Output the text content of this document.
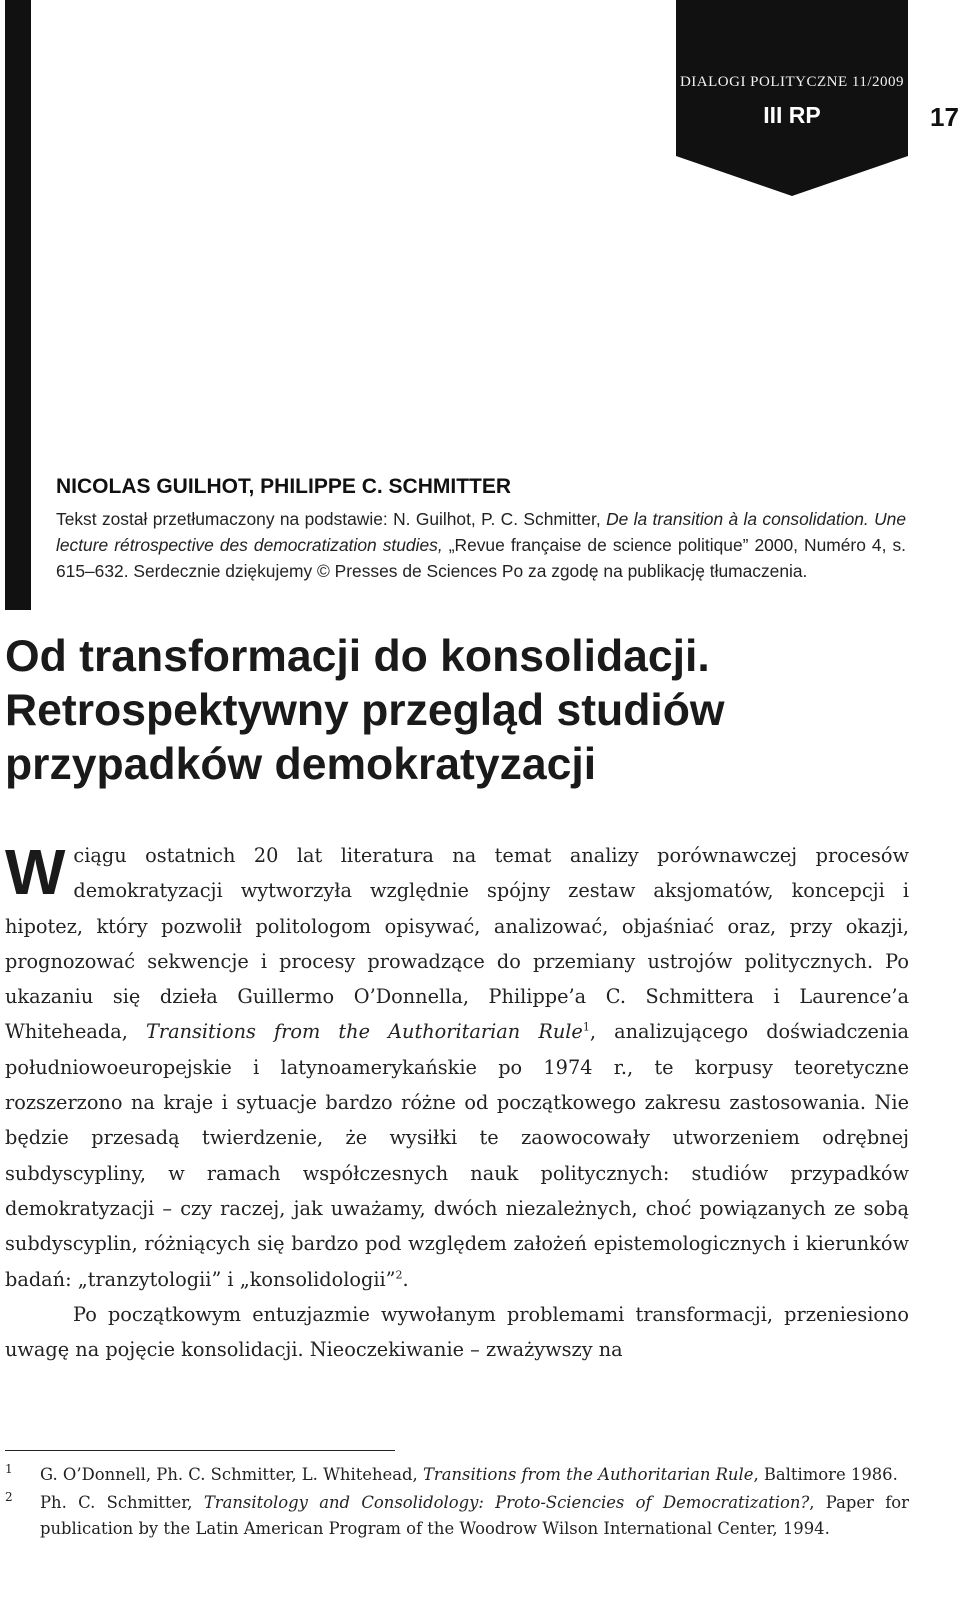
DIALOGI POLITYCZNE 11/2009
III RP	17
NICOLAS GUILHOT, PHILIPPE C. SCHMITTER
Tekst został przetłumaczony na podstawie: N. Guilhot, P. C. Schmitter, De la transition à la consolidation. Une lecture rétrospective des democratization studies, „Revue française de science politique” 2000, Numéro 4, s. 615–632. Serdecznie dziękujemy © Presses de Sciences Po za zgodę na publikację tłumaczenia.
Od transformacji do konsolidacji.
Retrospektywny przegląd studiów
przypadków demokratyzacji

Wciągu ostatnich 20 lat literatura na temat analizy porównawczej procesów demokratyzacji wytworzyła względnie spójny zestaw aksjomatów, koncepcji i hipotez, który pozwolił politologom opisywać, analizować, objaśniać oraz, przy okazji, prognozować sekwencje i procesy prowadzące do przemiany ustrojów politycznych. Po ukazaniu się dzieła Guillermo O’Donnella, Philippe’a C. Schmittera i Laurence’a Whiteheada, Transitions from the Authoritarian Rule$^1$, analizującego doświadczenia południowoeuropejskie i latynoamerykańskie po 1974 r., te korpusy teoretyczne rozszerzono na kraje i sytuacje bardzo różne od początkowego zakresu zastosowania. Nie będzie przesadą twierdzenie, że wysiłki te zaowocowały utworzeniem odrębnej subdyscypliny, w ramach współczesnych nauk politycznych: studiów przypadków demokratyzacji – czy raczej, jak uważamy, dwóch niezależnych, choć powiązanych ze sobą subdyscyplin, różniących się bardzo pod względem założeń epistemologicznych i kierunków badań: „tranzytologii” i „konsolidologii”$^2$.

Po początkowym entuzjazmie wywołanym problemami transformacji, przeniesiono uwagę na pojęcie konsolidacji. Nieoczekiwanie – zważywszy na

1 G. O’Donnell, Ph. C. Schmitter, L. Whitehead, Transitions from the Authoritarian Rule, Baltimore 1986.
2 Ph. C. Schmitter, Transitology and Consolidology: Proto-Sciencies of Democratization?, Paper for publication by the Latin American Program of the Woodrow Wilson International Center, 1994.
